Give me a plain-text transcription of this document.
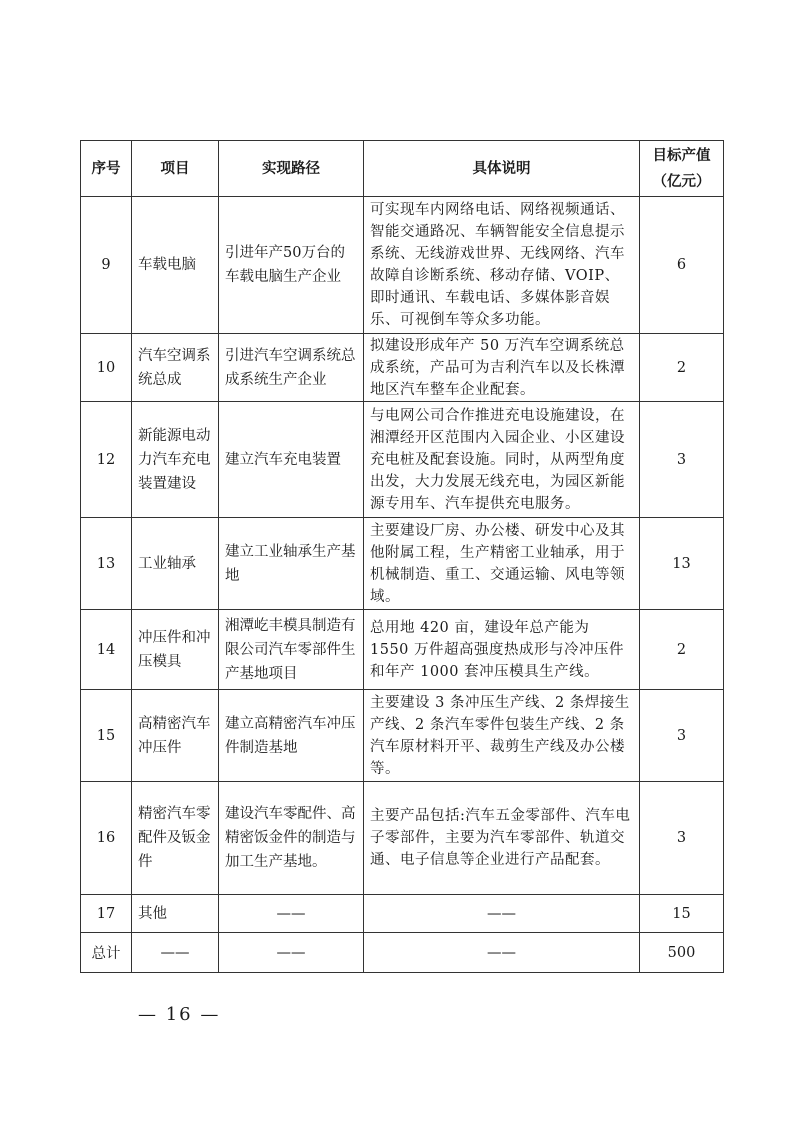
序号	项目	实现路径	具体说明	目标产值
（亿元）

9	车载电脑	引进年产50万台的车载电脑生产企业	可实现车内网络电话、网络视频通话、智能交通路况、车辆智能安全信息提示系统、无线游戏世界、无线网络、汽车故障自诊断系统、移动存储、VOIP、即时通讯、车载电话、多媒体影音娱乐、可视倒车等众多功能。	6
10	汽车空调系统总成	引进汽车空调系统总成系统生产企业	拟建设形成年产 50 万汽车空调系统总成系统，产品可为吉利汽车以及长株潭地区汽车整车企业配套。	2
12	新能源电动力汽车充电装置建设	建立汽车充电装置	与电网公司合作推进充电设施建设，在湘潭经开区范围内入园企业、小区建设充电桩及配套设施。同时，从两型角度出发，大力发展无线充电，为园区新能源专用车、汽车提供充电服务。	3
13	工业轴承	建立工业轴承生产基地	主要建设厂房、办公楼、研发中心及其他附属工程，生产精密工业轴承，用于机械制造、重工、交通运输、风电等领域。	13
14	冲压件和冲压模具	湘潭屹丰模具制造有限公司汽车零部件生产基地项目	总用地 420 亩，建设年总产能为 1550 万件超高强度热成形与冷冲压件和年产 1000 套冲压模具生产线。	2
15	高精密汽车冲压件	建立高精密汽车冲压件制造基地	主要建设 3 条冲压生产线、2 条焊接生产线、2 条汽车零件包装生产线、2 条汽车原材料开平、裁剪生产线及办公楼等。	3
16	精密汽车零配件及钣金件	建设汽车零配件、高精密饭金件的制造与加工生产基地。	主要产品包括:汽车五金零部件、汽车电子零部件，主要为汽车零部件、轨道交通、电子信息等企业进行产品配套。	3
17	其他	——	——	15
总计	——	——	——	500
— 16 —
